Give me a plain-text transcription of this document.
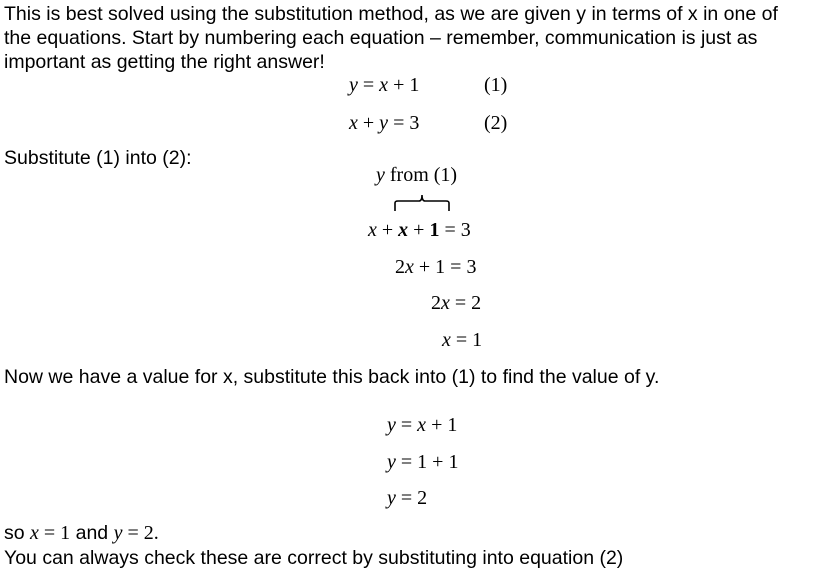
This is best solved using the substitution method, as we are given y in terms of x in one of
the equations. Start by numbering each equation – remember, communication is just as
important as getting the right answer!
y = x + 1	(1)
x + y = 3	(2)
Substitute (1) into (2):
y from (1)
x + x + 1 = 3
2x + 1 = 3
2x = 2
x = 1
Now we have a value for x, substitute this back into (1) to find the value of y.
y = x + 1
y = 1 + 1
y = 2
so x = 1 and y = 2.
You can always check these are correct by substituting into equation (2)
